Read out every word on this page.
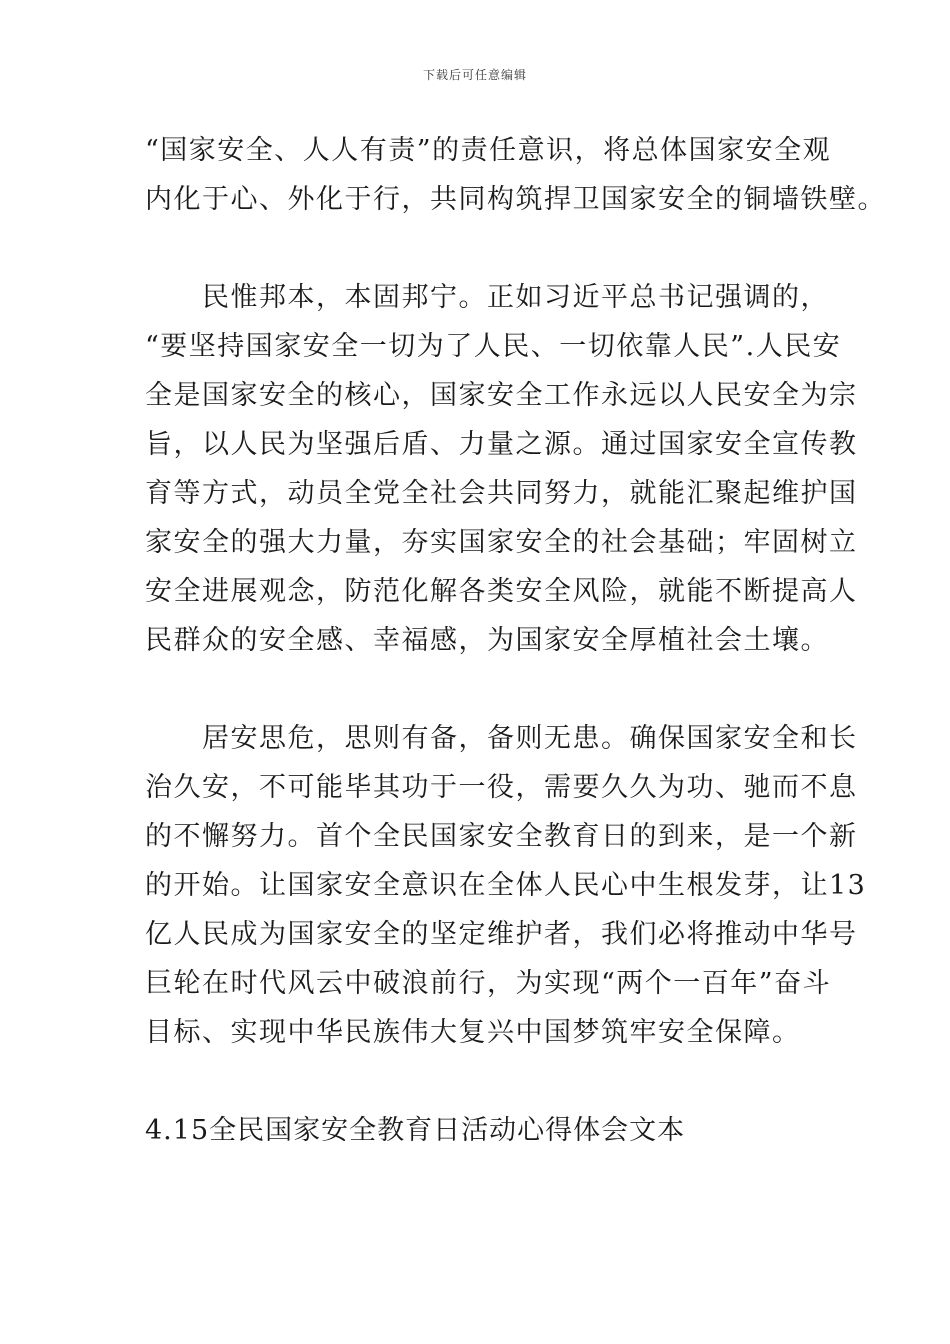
下载后可任意编辑
“国家安全、人人有责”的责任意识，将总体国家安全观
内化于心、外化于行，共同构筑捍卫国家安全的铜墙铁壁。
　　民惟邦本，本固邦宁。正如习近平总书记强调的，
“要坚持国家安全一切为了人民、一切依靠人民”.人民安
全是国家安全的核心，国家安全工作永远以人民安全为宗
旨，以人民为坚强后盾、力量之源。通过国家安全宣传教
育等方式，动员全党全社会共同努力，就能汇聚起维护国
家安全的强大力量，夯实国家安全的社会基础；牢固树立
安全进展观念，防范化解各类安全风险，就能不断提高人
民群众的安全感、幸福感，为国家安全厚植社会土壤。
　　居安思危，思则有备，备则无患。确保国家安全和长
治久安，不可能毕其功于一役，需要久久为功、驰而不息
的不懈努力。首个全民国家安全教育日的到来，是一个新
的开始。让国家安全意识在全体人民心中生根发芽，让13
亿人民成为国家安全的坚定维护者，我们必将推动中华号
巨轮在时代风云中破浪前行，为实现“两个一百年”奋斗
目标、实现中华民族伟大复兴中国梦筑牢安全保障。
4.15全民国家安全教育日活动心得体会文本
